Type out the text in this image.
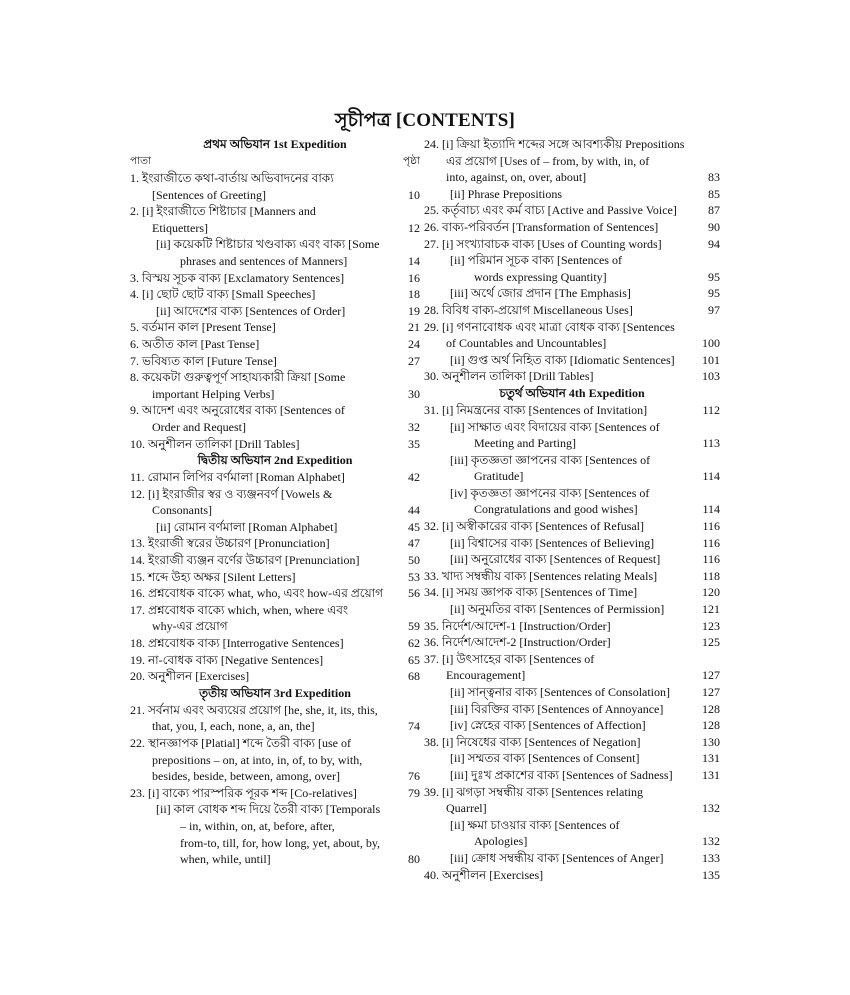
সূচীপত্র [CONTENTS]
প্রথম অভিযান 1st Expedition
পাতা	পৃষ্ঠা
1. ইংরাজীতে কথা-বার্তায় অভিবাদনের বাক্য
[Sentences of Greeting]	10
2. [i] ইংরাজীতে শিষ্টাচার [Manners and
Etiquetters]	12
[ii] কয়েকটি শিষ্টাচার খণ্ডবাক্য এবং বাক্য [Some
phrases and sentences of Manners]	14
3. বিস্ময় সূচক বাক্য [Exclamatory Sentences]	16
4. [i] ছোট ছোট বাক্য [Small Speeches]	18
[ii] আদেশের বাক্য [Sentences of Order]	19
5. বর্তমান কাল [Present Tense]	21
6. অতীত কাল [Past Tense]	24
7. ভবিষ্যত কাল [Future Tense]	27
8. কয়েকটা গুরুত্বপূর্ণ সাহায্যকারী ক্রিয়া [Some
important Helping Verbs]	30
9. আদেশ এবং অনুরোধের বাক্য [Sentences of
Order and Request]	32
10. অনুশীলন তালিকা [Drill Tables]	35
দ্বিতীয় অভিযান 2nd Expedition
11. রোমান লিপির বর্ণমালা [Roman Alphabet]	42
12. [i] ইংরাজীর স্বর ও ব্যঞ্জনবর্ণ [Vowels &
Consonants]	44
[ii] রোমান বর্ণমালা [Roman Alphabet]	45
13. ইংরাজী স্বরের উচ্চারণ [Pronunciation]	47
14. ইংরাজী ব্যঞ্জন বর্ণের উচ্চারণ [Prenunciation]	50
15. শব্দে উহ্য অক্ষর [Silent Letters]	53
16. প্রশ্নবোধক বাক্যে what, who, এবং how-এর প্রয়োগ	56
17. প্রশ্নবোধক বাক্যে which, when, where এবং
why-এর প্রয়োগ	59
18. প্রশ্নবোধক বাক্য [Interrogative Sentences]	62
19. না-বোধক বাক্য [Negative Sentences]	65
20. অনুশীলন [Exercises]	68
তৃতীয় অভিযান 3rd Expedition
21. সর্বনাম এবং অব্যয়ের প্রয়োগ [he, she, it, its, this,
that, you, I, each, none, a, an, the]	74
22. স্থানজ্ঞাপক [Platial] শব্দে তৈরী বাক্য [use of
prepositions – on, at into, in, of, to by, with,
besides, beside, between, among, over]	76
23. [i] বাক্যে পারস্পরিক পূরক শব্দ [Co-relatives]	79
[ii] কাল বোধক শব্দ দিয়ে তৈরী বাক্য [Temporals
– in, within, on, at, before, after,
from-to, till, for, how long, yet, about, by,
when, while, until]	80
24. [i] ক্রিয়া ইত্যাদি শব্দের সঙ্গে আবশ্যকীয় Prepositions
এর প্রয়োগ [Uses of – from, by with, in, of
into, against, on, over, about]	83
[ii] Phrase Prepositions	85
25. কর্তৃবাচ্য এবং কর্ম বাচ্য [Active and Passive Voice]	87
26. বাক্য-পরিবর্তন [Transformation of Sentences]	90
27. [i] সংখ্যাবাচক বাক্য [Uses of Counting words]	94
[ii] পরিমান সূচক বাক্য [Sentences of
words expressing Quantity]	95
[iii] অর্থে জোর প্রদান [The Emphasis]	95
28. বিবিধ বাক্য-প্রয়োগ Miscellaneous Uses]	97
29. [i] গণনাবোধক এবং মাত্রা বোধক বাক্য [Sentences
of Countables and Uncountables]	100
[ii] গুপ্ত অর্থ নিহিত বাক্য [Idiomatic Sentences]	101
30. অনুশীলন তালিকা [Drill Tables]	103
চতুর্থ অভিযান 4th Expedition
31. [i] নিমন্ত্রনের বাক্য [Sentences of Invitation]	112
[ii] সাক্ষাত এবং বিদায়ের বাক্য [Sentences of
Meeting and Parting]	113
[iii] কৃতজ্ঞতা জ্ঞাপনের বাক্য [Sentences of
Gratitude]	114
[iv] কৃতজ্ঞতা জ্ঞাপনের বাক্য [Sentences of
Congratulations and good wishes]	114
32. [i] অস্বীকারের বাক্য [Sentences of Refusal]	116
[ii] বিশ্বাসের বাক্য [Sentences of Believing]	116
[iii] অনুরোধের বাক্য [Sentences of Request]	116
33. খাদ্য সম্বন্ধীয় বাক্য [Sentences relating Meals]	118
34. [i] সময় জ্ঞাপক বাক্য [Sentences of Time]	120
[ii] অনুমতির বাক্য [Sentences of Permission]	121
35. নির্দেশ/আদেশ-1 [Instruction/Order]	123
36. নির্দেশ/আদেশ-2 [Instruction/Order]	125
37. [i] উৎসাহের বাক্য [Sentences of
Encouragement]	127
[ii] সান্ত্বনার বাক্য [Sentences of Consolation]	127
[iii] বিরক্তির বাক্য [Sentences of Annoyance]	128
[iv] স্নেহের বাক্য [Sentences of Affection]	128
38. [i] নিষেধের বাক্য [Sentences of Negation]	130
[ii] সম্মতর বাক্য [Sentences of Consent]	131
[iii] দুঃখ প্রকাশের বাক্য [Sentences of Sadness]	131
39. [i] ঝগড়া সম্বন্ধীয় বাক্য [Sentences relating
Quarrel]	132
[ii] ক্ষমা চাওয়ার বাক্য [Sentences of
Apologies]	132
[iii] ক্রোধ সম্বন্ধীয় বাক্য [Sentences of Anger]	133
40. অনুশীলন [Exercises]	135
